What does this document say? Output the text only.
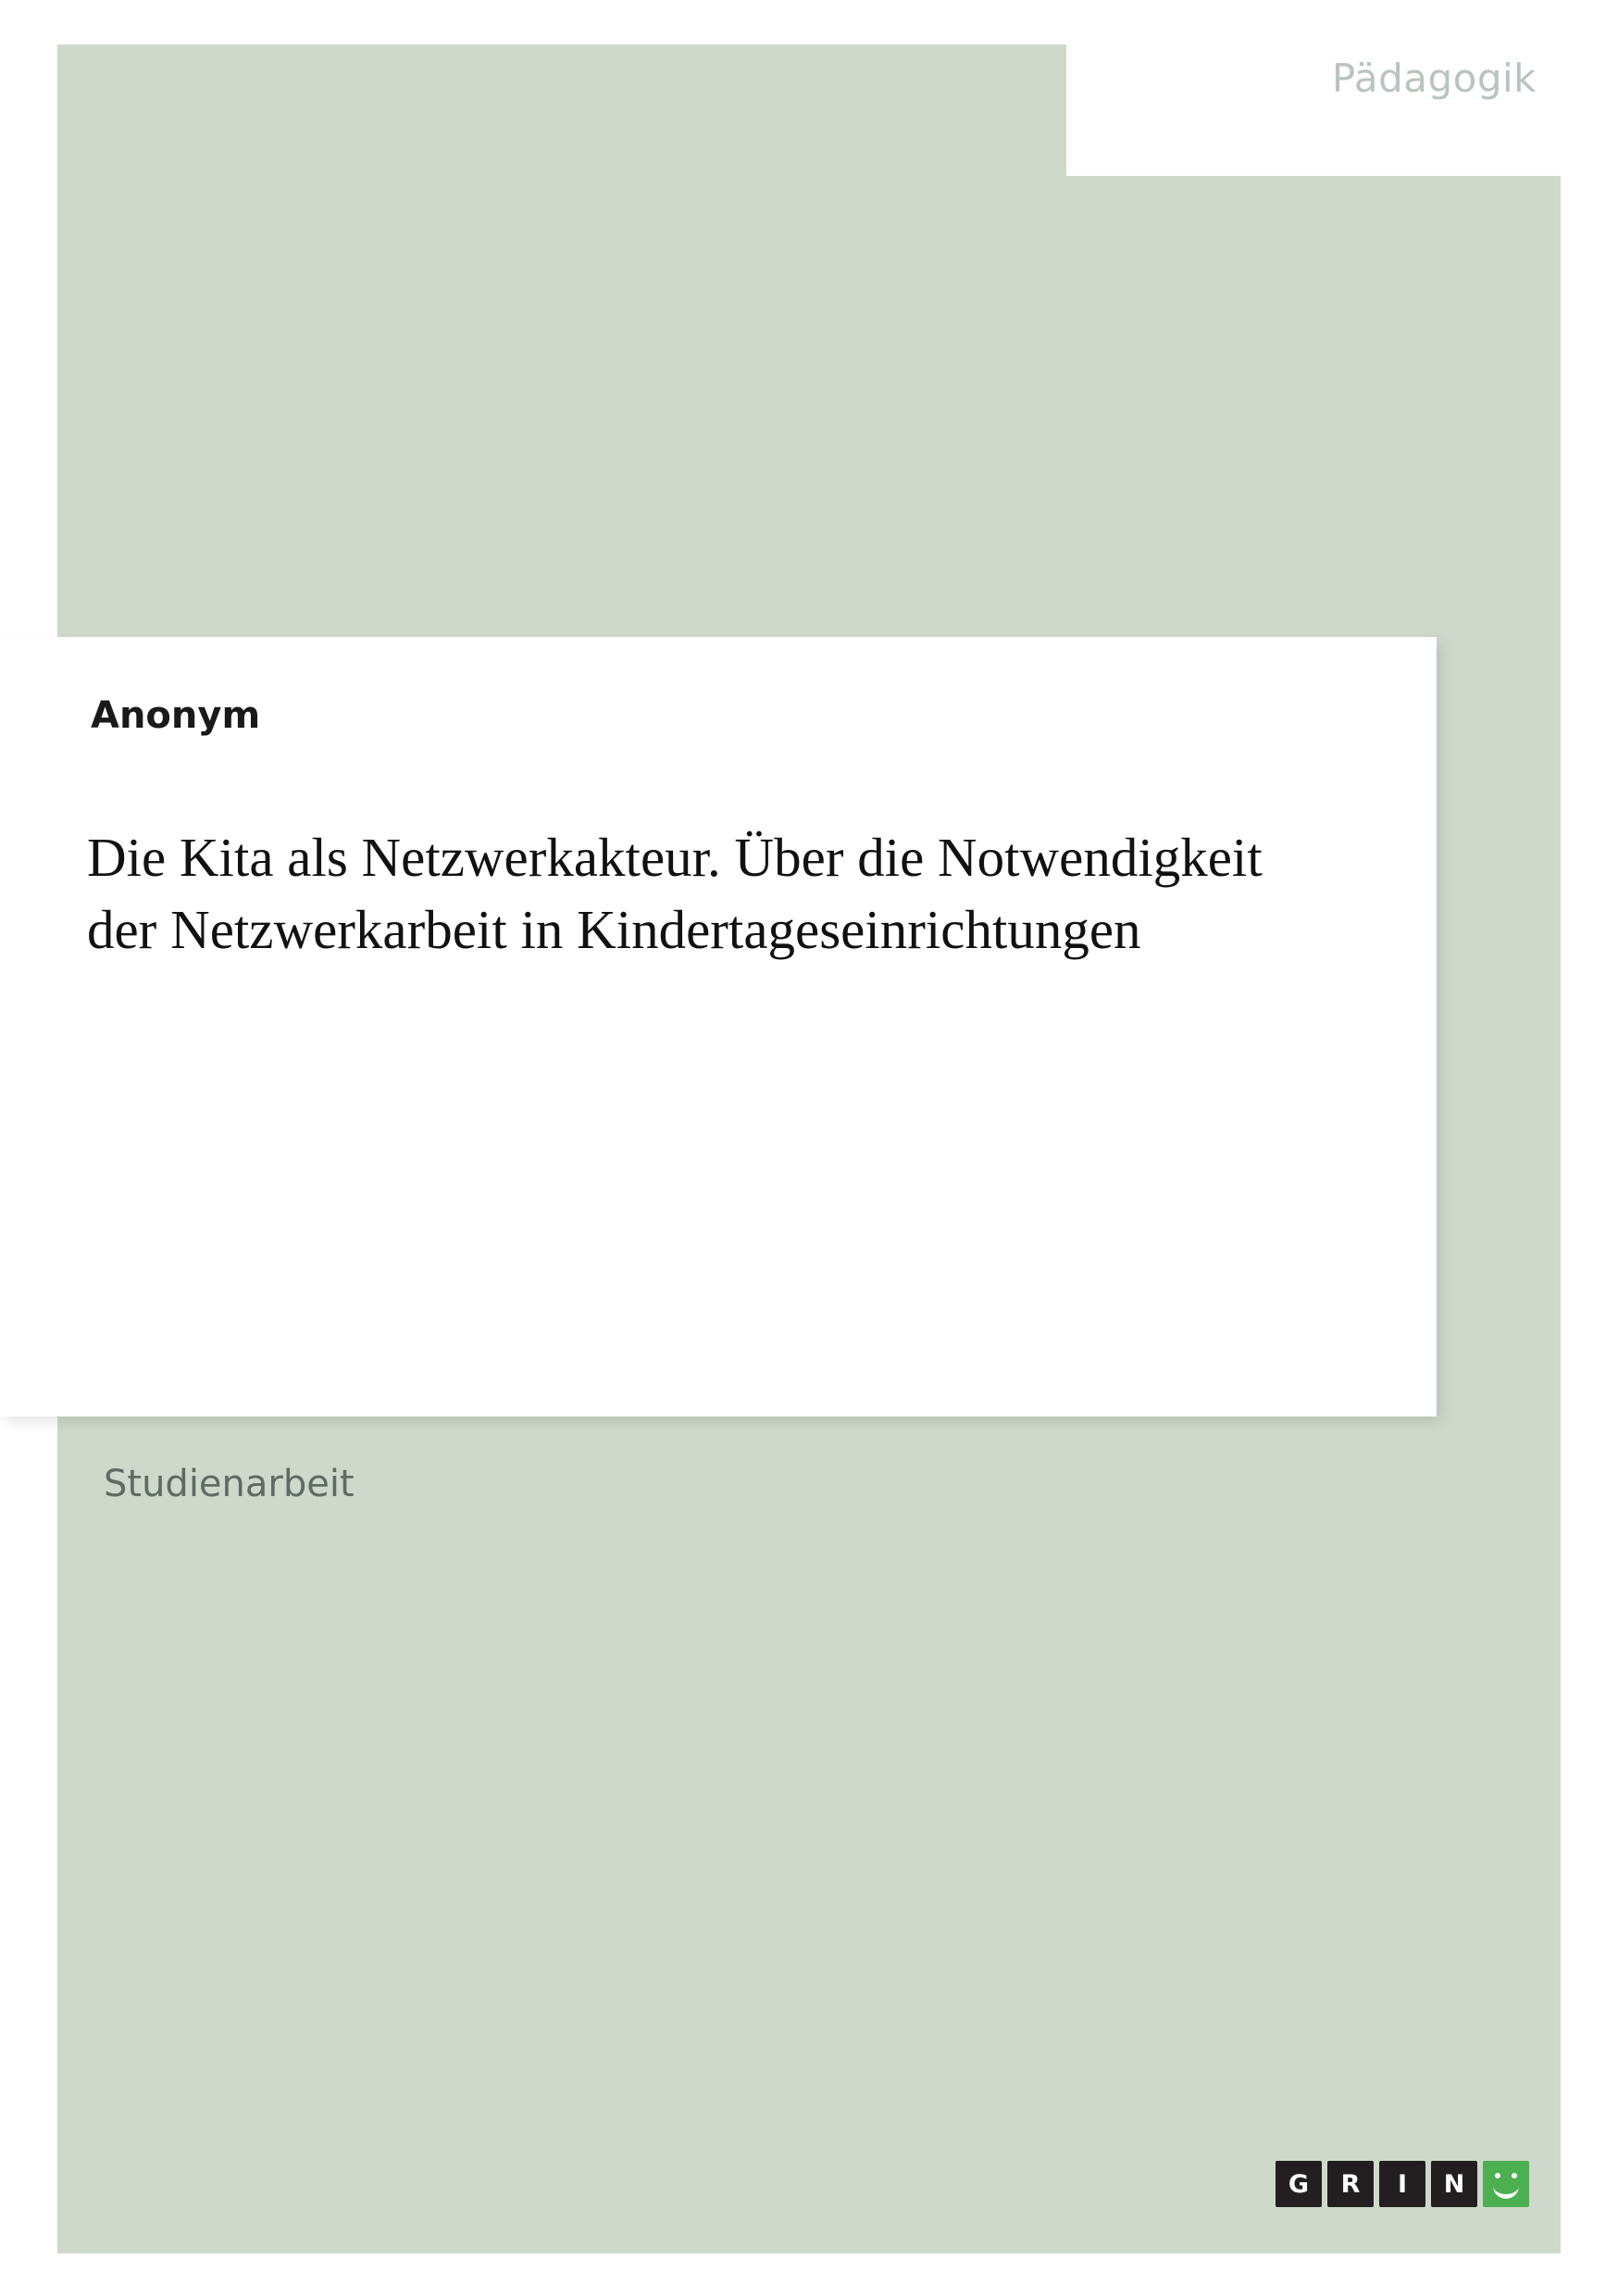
Pädagogik
Anonym
Die Kita als Netzwerkakteur. Über die Notwendigkeit der Netzwerkarbeit in Kindertageseinrichtungen
Studienarbeit
G	R	I	N
